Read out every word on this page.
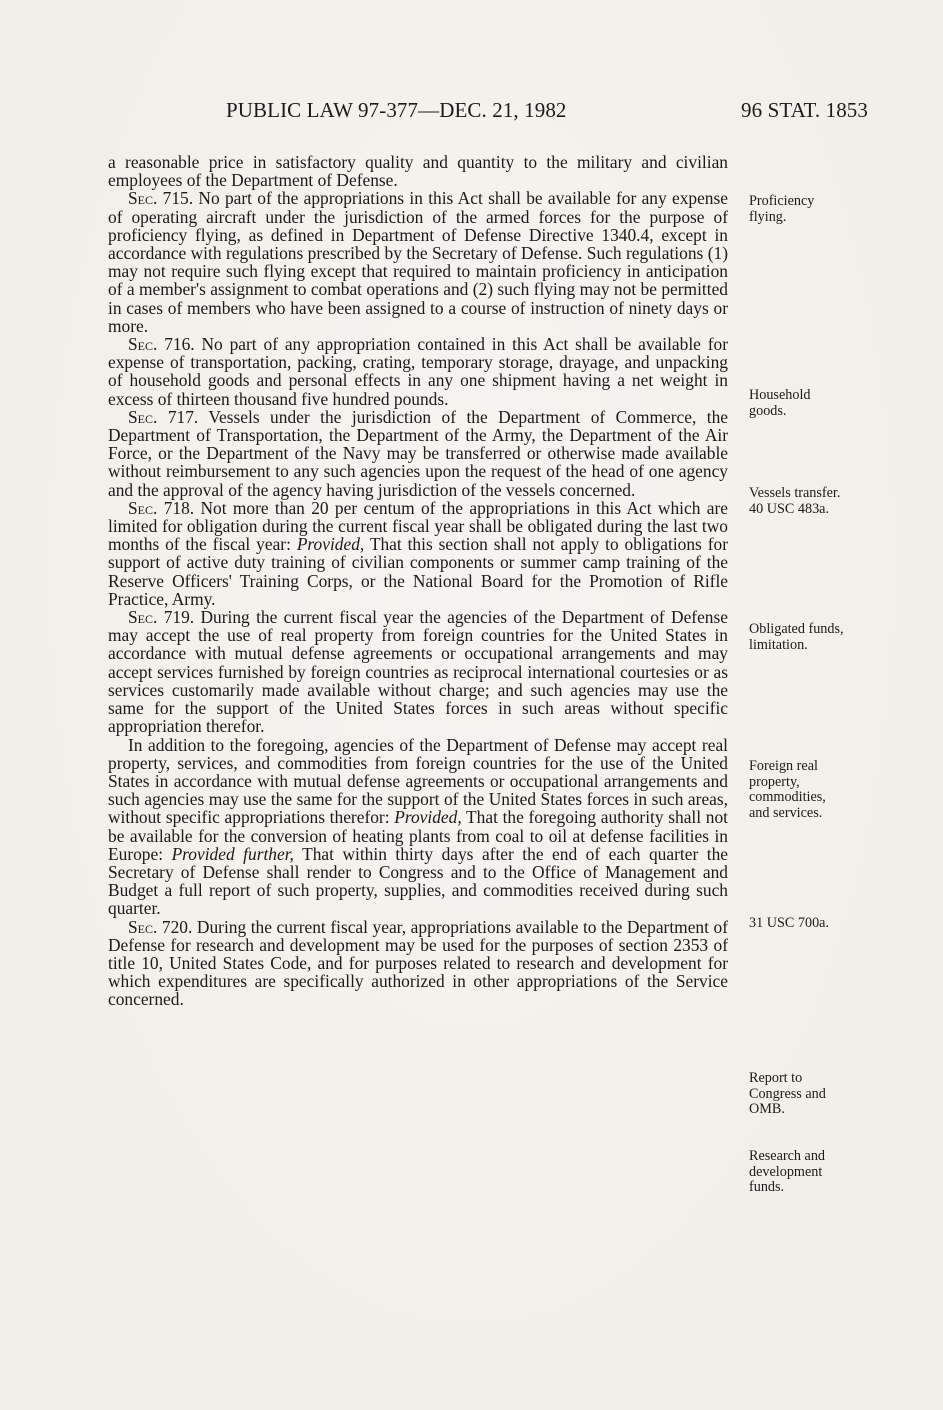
PUBLIC LAW 97-377—DEC. 21, 1982	96 STAT. 1853

a reasonable price in satisfactory quality and quantity to the military and civilian employees of the Department of Defense.

Sec. 715. No part of the appropriations in this Act shall be available for any expense of operating aircraft under the jurisdiction of the armed forces for the purpose of proficiency flying, as defined in Department of Defense Directive 1340.4, except in accordance with regulations prescribed by the Secretary of Defense. Such regulations (1) may not require such flying except that required to maintain proficiency in anticipation of a member's assignment to combat operations and (2) such flying may not be permitted in cases of members who have been assigned to a course of instruction of ninety days or more.

Sec. 716. No part of any appropriation contained in this Act shall be available for expense of transportation, packing, crating, temporary storage, drayage, and unpacking of household goods and personal effects in any one shipment having a net weight in excess of thirteen thousand five hundred pounds.

Sec. 717. Vessels under the jurisdiction of the Department of Commerce, the Department of Transportation, the Department of the Army, the Department of the Air Force, or the Department of the Navy may be transferred or otherwise made available without reimbursement to any such agencies upon the request of the head of one agency and the approval of the agency having jurisdiction of the vessels concerned.

Sec. 718. Not more than 20 per centum of the appropriations in this Act which are limited for obligation during the current fiscal year shall be obligated during the last two months of the fiscal year: Provided, That this section shall not apply to obligations for support of active duty training of civilian components or summer camp training of the Reserve Officers' Training Corps, or the National Board for the Promotion of Rifle Practice, Army.

Sec. 719. During the current fiscal year the agencies of the Department of Defense may accept the use of real property from foreign countries for the United States in accordance with mutual defense agreements or occupational arrangements and may accept services furnished by foreign countries as reciprocal international courtesies or as services customarily made available without charge; and such agencies may use the same for the support of the United States forces in such areas without specific appropriation therefor.

In addition to the foregoing, agencies of the Department of Defense may accept real property, services, and commodities from foreign countries for the use of the United States in accordance with mutual defense agreements or occupational arrangements and such agencies may use the same for the support of the United States forces in such areas, without specific appropriations therefor: Provided, That the foregoing authority shall not be available for the conversion of heating plants from coal to oil at defense facilities in Europe: Provided further, That within thirty days after the end of each quarter the Secretary of Defense shall render to Congress and to the Office of Management and Budget a full report of such property, supplies, and commodities received during such quarter.

Sec. 720. During the current fiscal year, appropriations available to the Department of Defense for research and development may be used for the purposes of section 2353 of title 10, United States Code, and for purposes related to research and development for which expenditures are specifically authorized in other appropriations of the Service concerned.

Proficiency
flying.
Household
goods.
Vessels transfer.
40 USC 483a.
Obligated funds,
limitation.
Foreign real
property,
commodities,
and services.
31 USC 700a.
Report to
Congress and
OMB.
Research and
development
funds.
